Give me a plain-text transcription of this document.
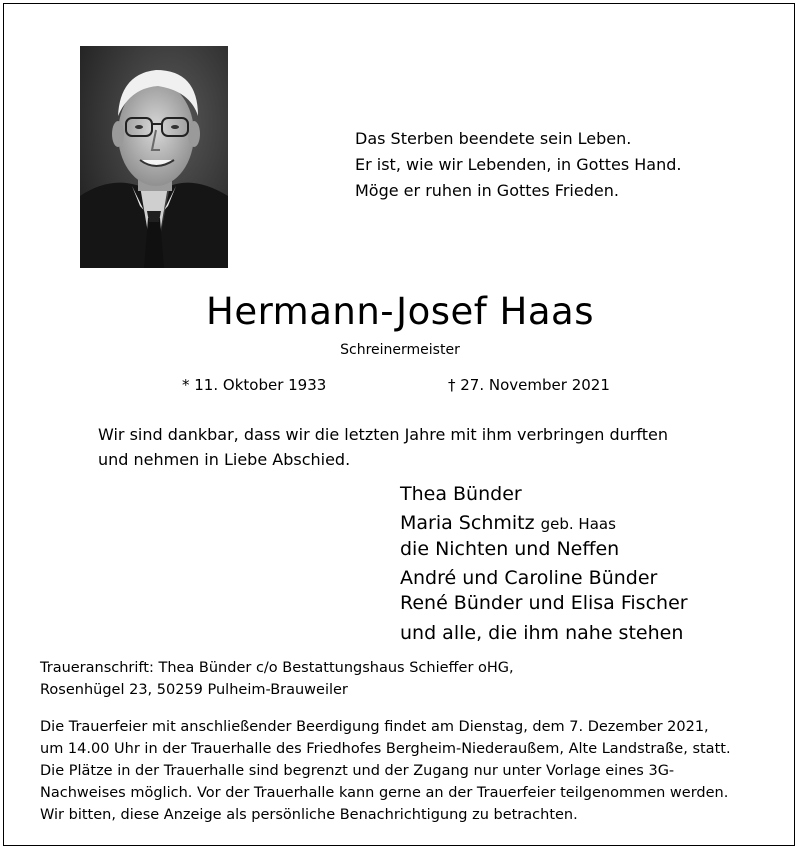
Das Sterben beendete sein Leben.
Er ist, wie wir Lebenden, in Gottes Hand.
Möge er ruhen in Gottes Frieden.
Hermann-Josef Haas
Schreinermeister
* 11. Oktober 1933	† 27. November 2021
Wir sind dankbar, dass wir die letzten Jahre mit ihm verbringen durften
und nehmen in Liebe Abschied.
Thea Bünder
Maria Schmitz geb. Haas
die Nichten und Neffen
André und Caroline Bünder
René Bünder und Elisa Fischer
und alle, die ihm nahe stehen
Traueranschrift: Thea Bünder c/o Bestattungshaus Schieffer oHG,
Rosenhügel 23, 50259 Pulheim-Brauweiler
Die Trauerfeier mit anschließender Beerdigung findet am Dienstag, dem 7. Dezember 2021,
um 14.00 Uhr in der Trauerhalle des Friedhofes Bergheim-Niederaußem, Alte Landstraße, statt.
Die Plätze in der Trauerhalle sind begrenzt und der Zugang nur unter Vorlage eines 3G-
Nachweises möglich. Vor der Trauerhalle kann gerne an der Trauerfeier teilgenommen werden.
Wir bitten, diese Anzeige als persönliche Benachrichtigung zu betrachten.
